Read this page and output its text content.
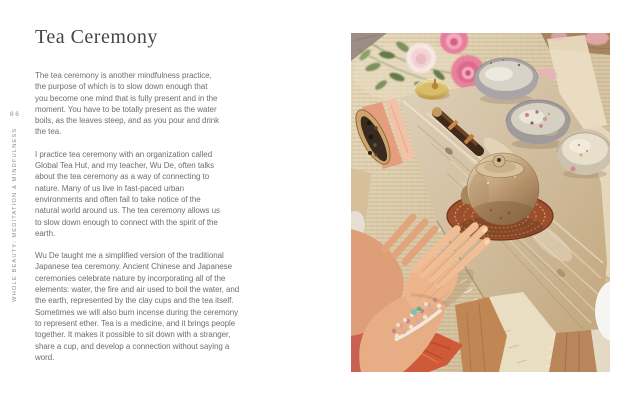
86
WHOLE BEAUTY: MEDITATION & MINDFULNESS
Tea Ceremony

The tea ceremony is another mindfulness practice, the purpose of which is to slow down enough that you become one mind that is fully present and in the moment. You have to be totally present as the water boils, as the leaves steep, and as you pour and drink the tea.

I practice tea ceremony with an organization called Global Tea Hut, and my teacher, Wu De, often talks about the tea ceremony as a way of connecting to nature. Many of us live in fast-paced urban environments and often fail to take notice of the natural world around us. The tea ceremony allows us to slow down enough to connect with the spirit of the earth.

Wu De taught me a simplified version of the traditional Japanese tea ceremony. Ancient Chinese and Japanese ceremonies celebrate nature by incorporating all of the elements: water, the fire and air used to boil the water, and the earth, represented by the clay cups and the tea itself. Sometimes we will also burn incense during the ceremony to represent ether. Tea is a medicine, and it brings people together. It makes it possible to sit down with a stranger, share a cup, and develop a connection without saying a word.
